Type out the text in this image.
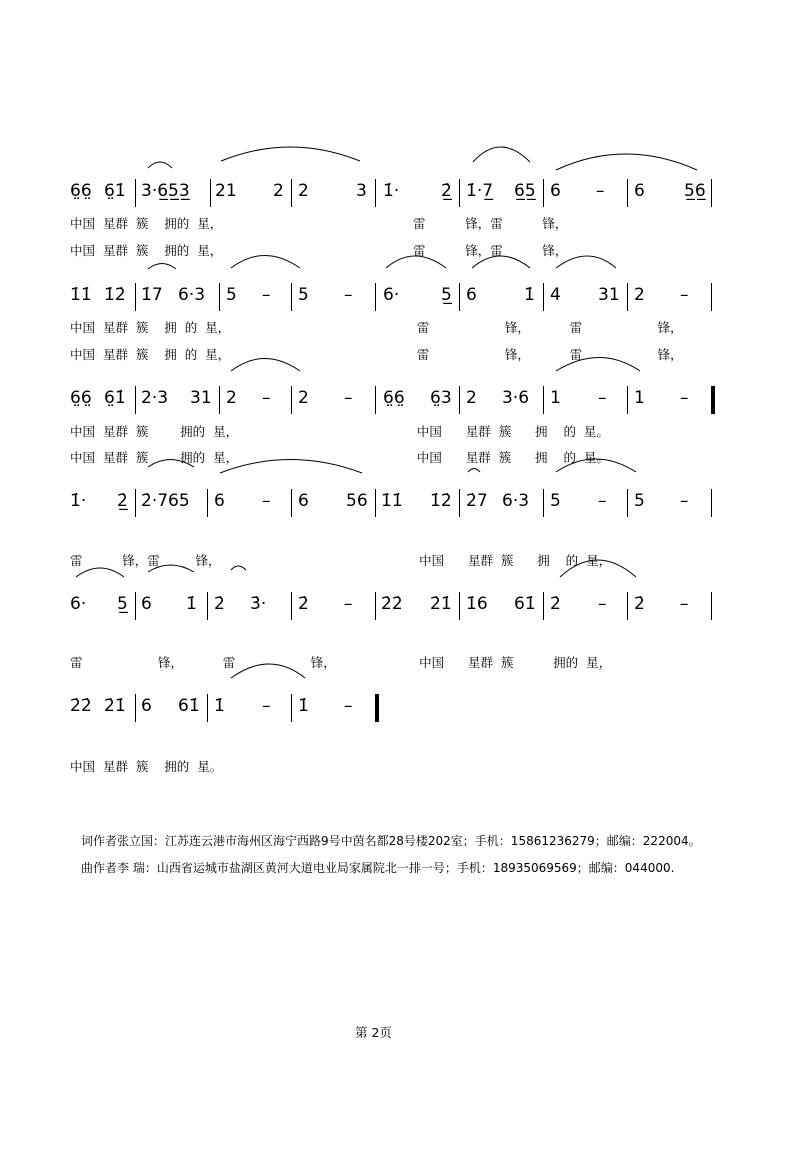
6̤6̤ 6̤1̇ 3·6̲5̲3̲ 21 2 2	3 1̇· 2̲̇ 1̇·7̲ 6̲5̲ 6 – 6 5̲6̲
中国  星群  簇    拥的  星，                                                雷          锋，雷          锋，
中国  星群  簇    拥的  星，                                                雷          锋，雷          锋，
1̇1̇ 1̇2̇ 1̇7 6·3 5 – 5 – 6· 5̲ 6	1̇ 4 31 2 –
中国  星群  簇    拥  的  星，                                               雷                   锋，          雷                   锋，
中国  星群  簇    拥  的  星，                                               雷                   锋，          雷                   锋，
6̤6̤ 6̤1̇ 2·3 31 2 – 2 – 6̤6̤ 6̤3 2 3·6 1 – 1 –
中国  星群  簇        拥的  星，                                             中国      星群  簇      拥    的  星。
中国  星群  簇        拥的  星，                                             中国      星群  簇      拥    的  星。
1̇· 2̲̇ 2̇·765 6 – 6 56 1̇1̇ 1̇2̇ 2̇7 6·3 5 – 5 –
雷          锋，雷         锋，                                                  中国      星群  簇      拥    的  星，
6· 5̲ 6 1̇ 2̇ 3̇· 2̇ – 2̇2̇ 2̇1̇ 1̇6 61̇ 2̇ – 2̇ –
雷                   锋，          雷                   锋，                     中国      星群  簇          拥的  星，
2̇2̇ 2̇1̇ 6 61̇ 1̇ – 1̇ –
中国  星群  簇    拥的  星。
词作者张立国：江苏连云港市海州区海宁西路9号中茵名都28号楼202室；手机：15861236279；邮编：222004。
曲作者李 瑞：山西省运城市盐湖区黄河大道电业局家属院北一排一号；手机：18935069569；邮编：044000.
第 2页
